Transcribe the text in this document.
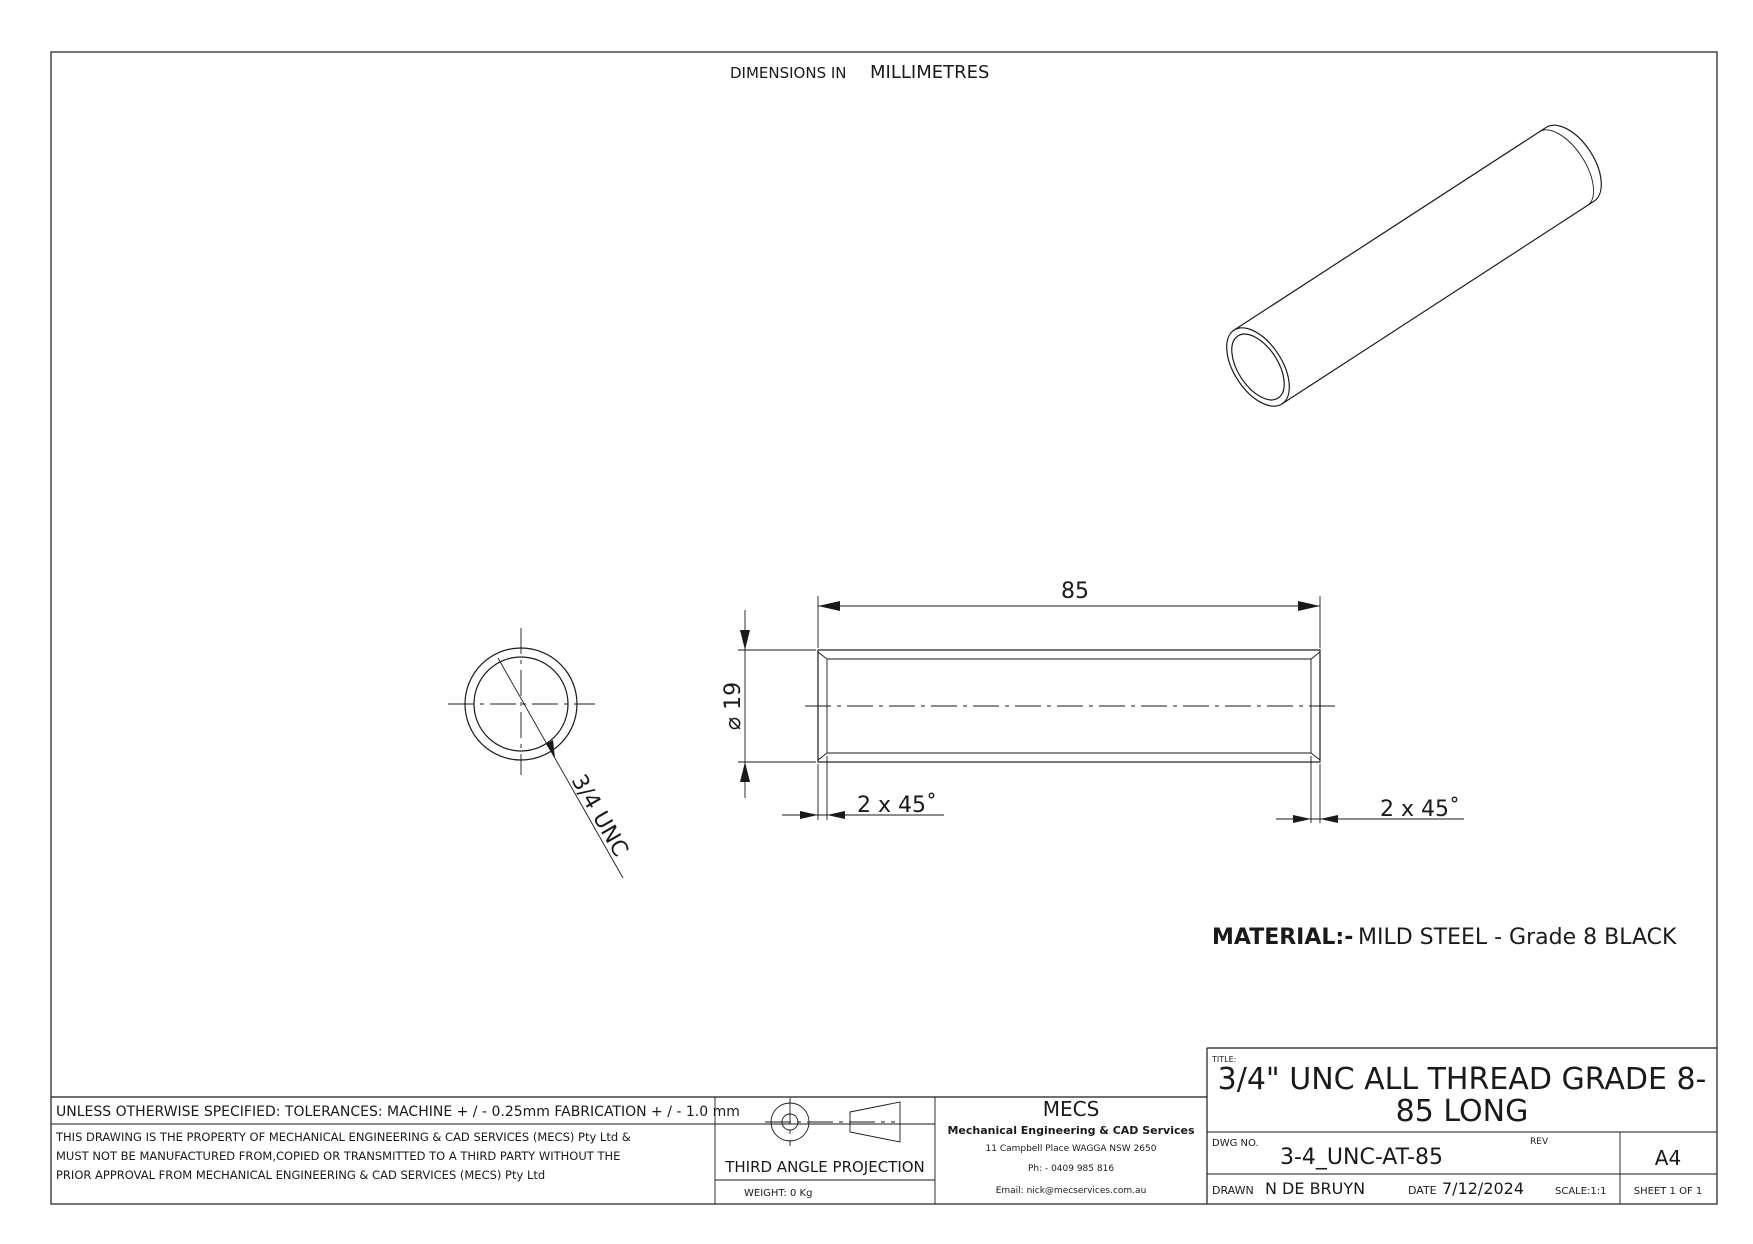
DIMENSIONS IN MILLIMETRES
3/4 UNC
85
⌀ 19
2 x 45˚	2 x 45˚
MATERIAL:- MILD STEEL - Grade 8 BLACK
UNLESS OTHERWISE SPECIFIED: TOLERANCES: MACHINE + / - 0.25mm FABRICATION + / - 1.0 mm
THIS DRAWING IS THE PROPERTY OF MECHANICAL ENGINEERING & CAD SERVICES (MECS) Pty Ltd &
MUST NOT BE MANUFACTURED FROM,COPIED OR TRANSMITTED TO A THIRD PARTY WITHOUT THE
PRIOR APPROVAL FROM MECHANICAL ENGINEERING & CAD SERVICES (MECS) Pty Ltd	THIRD ANGLE PROJECTION
WEIGHT: 0 Kg
MECS
Mechanical Engineering & CAD Services
11 Campbell Place WAGGA NSW 2650
Ph: - 0409 985 816
Email: nick@mecservices.com.au
TITLE:
3/4" UNC ALL THREAD GRADE 8-
85 LONG
DWG NO.
3-4_UNC-AT-85
REV
A4
DRAWN N DE BRUYN	DATE 7/12/2024	SCALE:1:1	SHEET 1 OF 1
